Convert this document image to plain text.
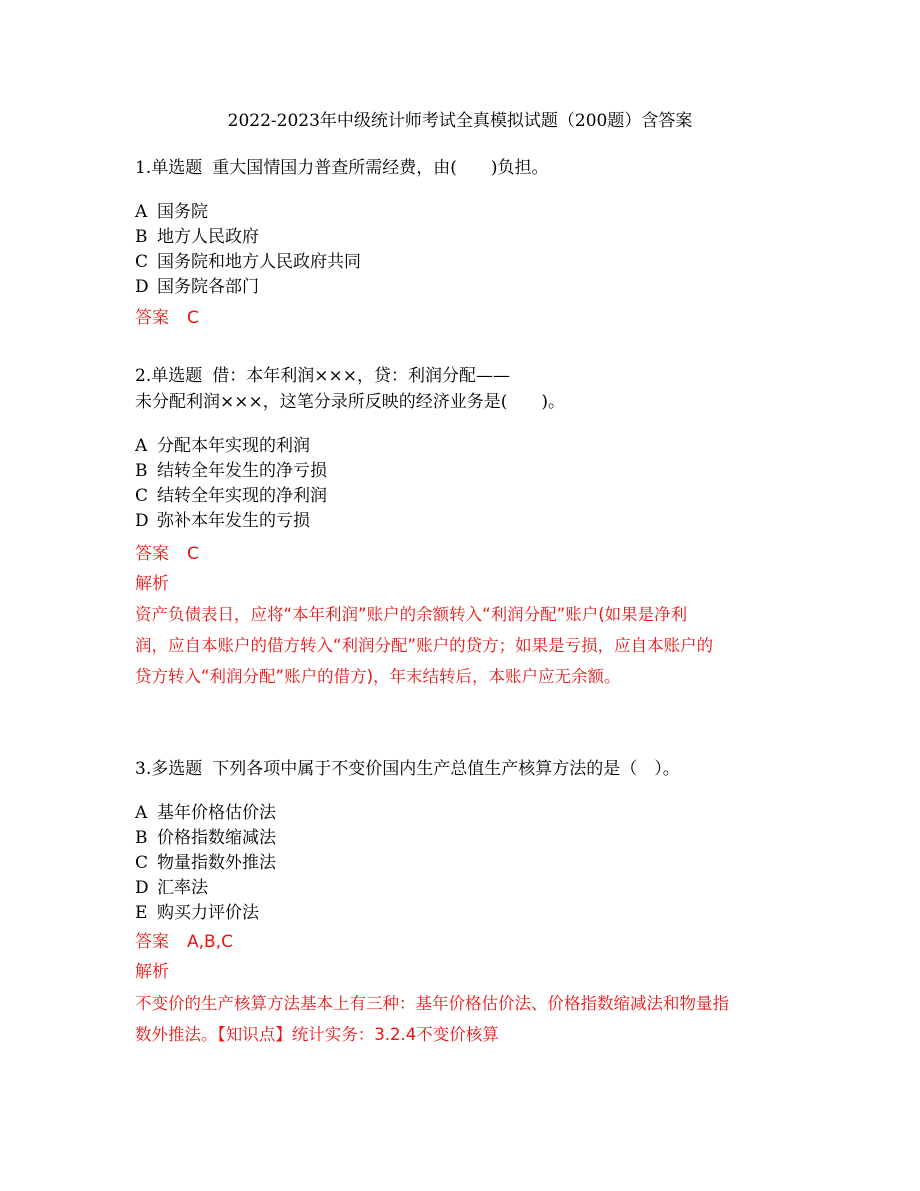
2022-2023年中级统计师考试全真模拟试题（200题）含答案
1.单选题 重大国情国力普查所需经费，由(　　)负担。
A 国务院
B 地方人民政府
C 国务院和地方人民政府共同
D 国务院各部门
答案 C
2.单选题 借：本年利润×××，贷：利润分配——
未分配利润×××，这笔分录所反映的经济业务是(　　)。
A 分配本年实现的利润
B 结转全年发生的净亏损
C 结转全年实现的净利润
D 弥补本年发生的亏损
答案 C
解析
资产负债表日，应将“本年利润”账户的余额转入“利润分配”账户(如果是净利
润，应自本账户的借方转入“利润分配”账户的贷方；如果是亏损，应自本账户的
贷方转入“利润分配”账户的借方)，年末结转后，本账户应无余额。
3.多选题 下列各项中属于不变价国内生产总值生产核算方法的是（　）。
A 基年价格估价法
B 价格指数缩减法
C 物量指数外推法
D 汇率法
E 购买力评价法
答案 A,B,C
解析
不变价的生产核算方法基本上有三种：基年价格估价法、价格指数缩减法和物量指
数外推法。【知识点】统计实务：3.2.4不变价核算
